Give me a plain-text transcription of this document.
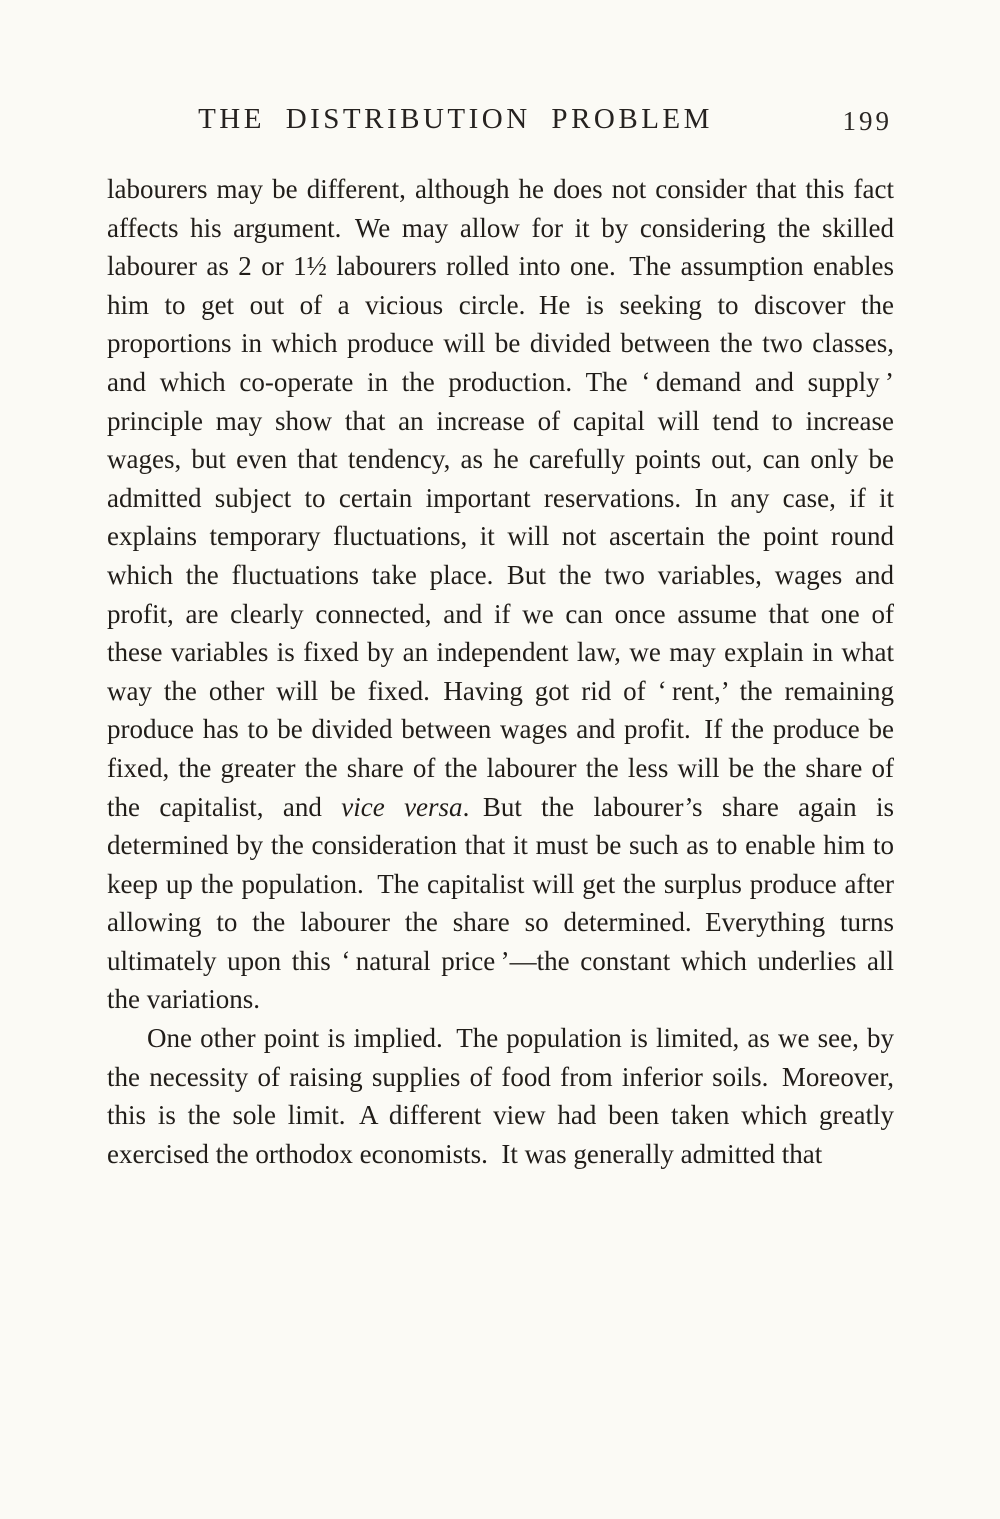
THE DISTRIBUTION PROBLEM	199

labourers may be different, although he does not consider that this fact affects his argument. We may allow for it by considering the skilled labourer as 2 or 1½ labourers rolled into one. The assumption enables him to get out of a vicious circle. He is seeking to discover the proportions in which produce will be divided between the two classes, and which co-operate in the production. The ‘ demand and supply ’ principle may show that an increase of capital will tend to increase wages, but even that tendency, as he carefully points out, can only be admitted subject to certain important reservations. In any case, if it explains temporary fluctuations, it will not ascertain the point round which the fluctuations take place. But the two variables, wages and profit, are clearly connected, and if we can once assume that one of these variables is fixed by an independent law, we may explain in what way the other will be fixed. Having got rid of ‘ rent,’ the remaining produce has to be divided between wages and profit. If the produce be fixed, the greater the share of the labourer the less will be the share of the capitalist, and vice versa. But the labourer’s share again is determined by the consideration that it must be such as to enable him to keep up the population. The capitalist will get the surplus produce after allowing to the labourer the share so determined. Everything turns ultimately upon this ‘ natural price ’—the constant which underlies all the variations.

One other point is implied. The population is limited, as we see, by the necessity of raising supplies of food from inferior soils. Moreover, this is the sole limit. A different view had been taken which greatly exercised the orthodox economists. It was generally admitted that
